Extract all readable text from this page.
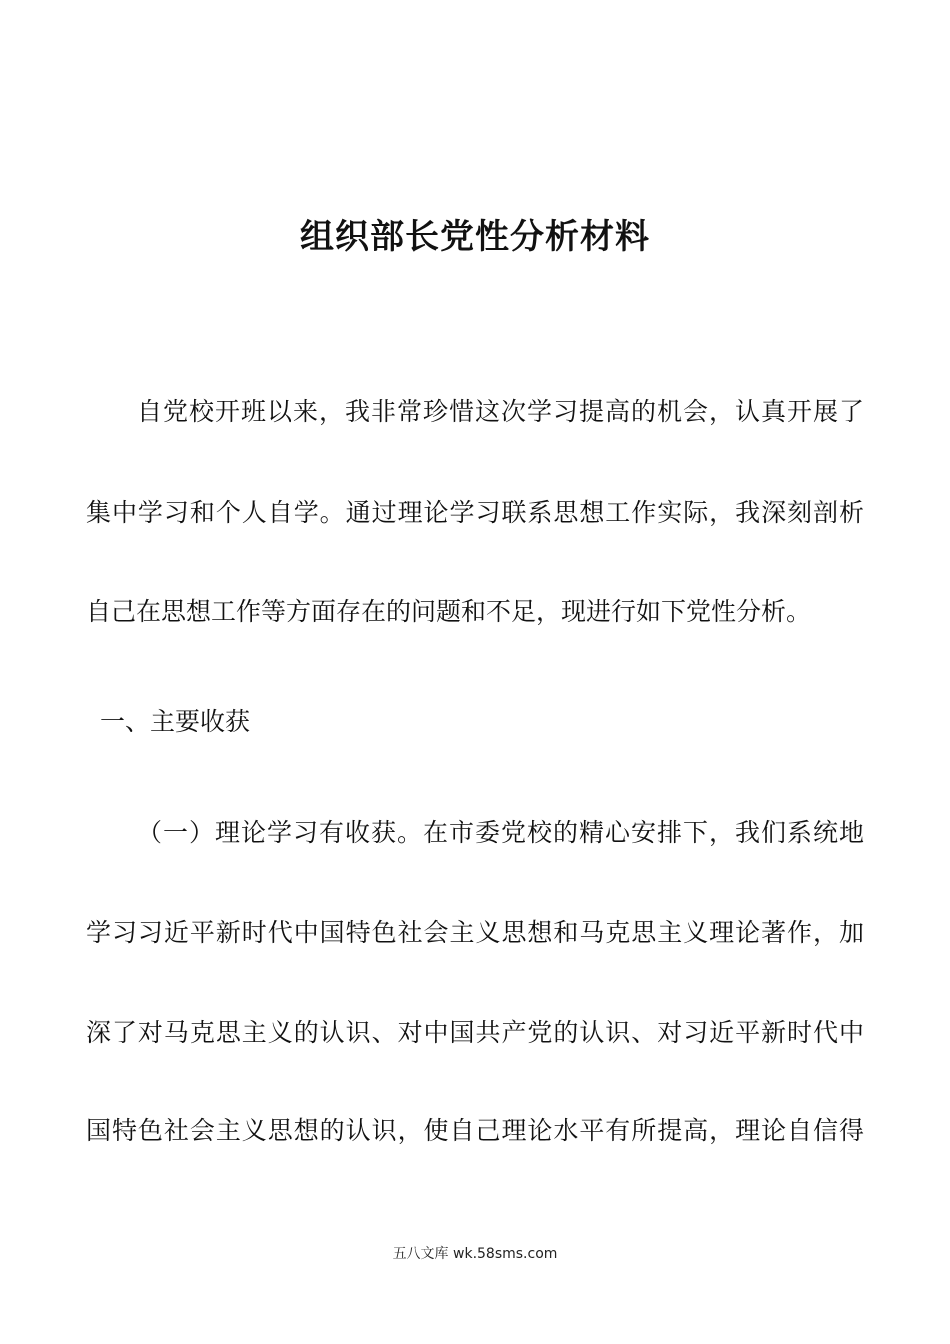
组织部长党性分析材料
自党校开班以来，我非常珍惜这次学习提高的机会，认真开展了
集中学习和个人自学。通过理论学习联系思想工作实际，我深刻剖析
自己在思想工作等方面存在的问题和不足，现进行如下党性分析。
一、主要收获
（一）理论学习有收获。在市委党校的精心安排下，我们系统地
学习习近平新时代中国特色社会主义思想和马克思主义理论著作，加
深了对马克思主义的认识、对中国共产党的认识、对习近平新时代中
国特色社会主义思想的认识，使自己理论水平有所提高，理论自信得
五八文库 wk.58sms.com
